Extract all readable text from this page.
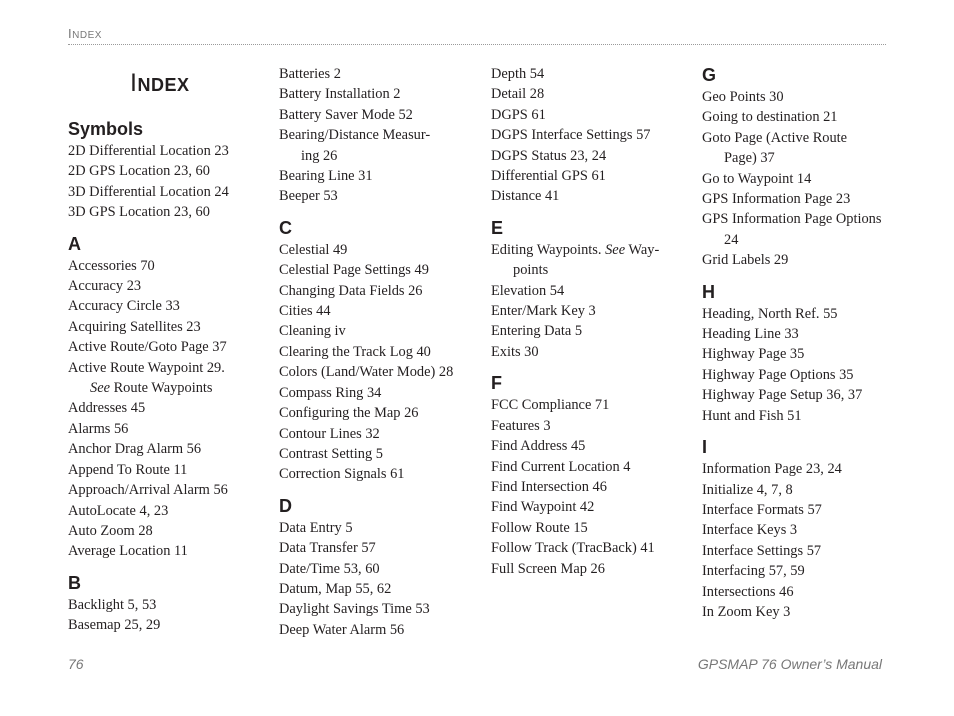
INDEX
INDEX
Symbols
2D Differential Location 23
2D GPS Location 23, 60
3D Differential Location 24
3D GPS Location 23, 60
A
Accessories 70
Accuracy 23
Accuracy Circle 33
Acquiring Satellites 23
Active Route/Goto Page 37
Active Route Waypoint 29.
See Route Waypoints
Addresses 45
Alarms 56
Anchor Drag Alarm 56
Append To Route 11
Approach/Arrival Alarm 56
AutoLocate 4, 23
Auto Zoom 28
Average Location 11
B
Backlight 5, 53
Basemap 25, 29
Batteries 2
Battery Installation 2
Battery Saver Mode 52
Bearing/Distance Measur-
ing 26
Bearing Line 31
Beeper 53
C
Celestial 49
Celestial Page Settings 49
Changing Data Fields 26
Cities 44
Cleaning iv
Clearing the Track Log 40
Colors (Land/Water Mode) 28
Compass Ring 34
Configuring the Map 26
Contour Lines 32
Contrast Setting 5
Correction Signals 61
D
Data Entry 5
Data Transfer 57
Date/Time 53, 60
Datum, Map 55, 62
Daylight Savings Time 53
Deep Water Alarm 56
Depth 54
Detail 28
DGPS 61
DGPS Interface Settings 57
DGPS Status 23, 24
Differential GPS 61
Distance 41
E
Editing Waypoints. See Way-
points
Elevation 54
Enter/Mark Key 3
Entering Data 5
Exits 30
F
FCC Compliance 71
Features 3
Find Address 45
Find Current Location 4
Find Intersection 46
Find Waypoint 42
Follow Route 15
Follow Track (TracBack) 41
Full Screen Map 26
G
Geo Points 30
Going to destination 21
Goto Page (Active Route
Page) 37
Go to Waypoint 14
GPS Information Page 23
GPS Information Page Options
24
Grid Labels 29
H
Heading, North Ref. 55
Heading Line 33
Highway Page 35
Highway Page Options 35
Highway Page Setup 36, 37
Hunt and Fish 51
I
Information Page 23, 24
Initialize 4, 7, 8
Interface Formats 57
Interface Keys 3
Interface Settings 57
Interfacing 57, 59
Intersections 46
In Zoom Key 3
76	GPSMAP 76 Owner’s Manual
